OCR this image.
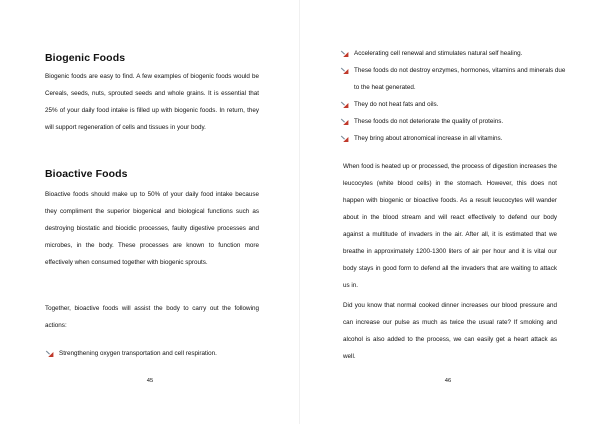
Biogenic Foods

Biogenic foods are easy to find. A few examples of biogenic foods would be Cereals, seeds, nuts, sprouted seeds and whole grains. It is essential that 25% of your daily food intake is filled up with biogenic foods. In return, they will support regeneration of cells and tissues in your body.

Bioactive Foods

Bioactive foods should make up to 50% of your daily food intake because they compliment the superior biogenical and biological functions such as destroying biostatic and biocidic processes, faulty digestive processes and microbes, in the body. These processes are known to function more effectively when consumed together with biogenic sprouts.

Together, bioactive foods will assist the body to carry out the following actions:

Strengthening oxygen transportation and cell respiration.
45
Accelerating cell renewal and stimulates natural self healing.
These foods do not destroy enzymes, hormones, vitamins and minerals due to the heat generated.
They do not heat fats and oils.
These foods do not deteriorate the quality of proteins.
They bring about atronomical increase in all vitamins.

When food is heated up or processed, the process of digestion increases the leucocytes (white blood cells) in the stomach. However, this does not happen with biogenic or bioactive foods. As a result leucocytes will wander about in the blood stream and will react effectively to defend our body against a multitude of invaders in the air. After all, it is estimated that we breathe in approximately 1200-1300 liters of air per hour and it is vital our body stays in good form to defend all the invaders that are waiting to attack us in.

Did you know that normal cooked dinner increases our blood pressure and can increase our pulse as much as twice the usual rate? If smoking and alcohol is also added to the process, we can easily get a heart attack as well.

46
